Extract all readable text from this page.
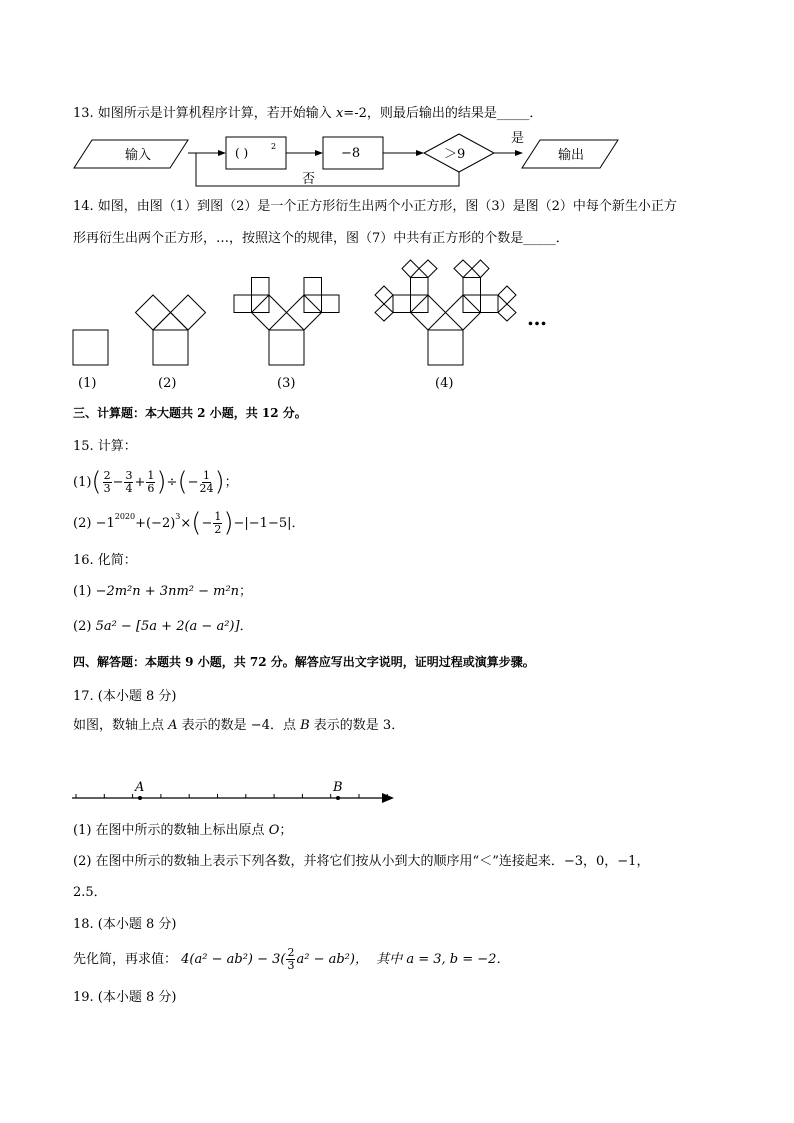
13. 如图所示是计算机程序计算，若开始输入 x=-2，则最后输出的结果是_____．
输入	( )	2	−8	＞9
是
输出
否
14. 如图，由图（1）到图（2）是一个正方形衍生出两个小正方形，图（3）是图（2）中每个新生小正方
形再衍生出两个正方形，…，按照这个的规律，图（7）中共有正方形的个数是_____．
…
(1)	(2)	(3)	(4)
三、计算题：本大题共 2 小题，共 12 分。
15. 计算：
(1) ( $\frac{2}{3} - \frac{3}{4} + \frac{1}{6}$ ) ÷ ( − $\frac{1}{24}$ ) ；
(2)
$-1^{2020} +(-2)^3$ × ( − $\frac{1}{2}$ ) −|−1−5| ．
16. 化简：
(1) −2m²n + 3nm² − m²n；
(2) 5a² − [5a + 2(a − a²)]．
四、解答题：本题共 9 小题，共 72 分。解答应写出文字说明，证明过程或演算步骤。
17. (本小题 8 分)
如图，数轴上点 A 表示的数是 −4．点 B 表示的数是 3．
A	B
(1) 在图中所示的数轴上标出原点 O；
(2) 在图中所示的数轴上表示下列各数，并将它们按从小到大的顺序用“＜”连接起来．−3，0，−1，
2.5．
18. (本小题 8 分)
先化简，再求值：
$4(a^2 - ab^2) - 3( \frac{2}{3} a^2 - ab^2)$，
其中 a = 3, b = −2．
19. (本小题 8 分)
